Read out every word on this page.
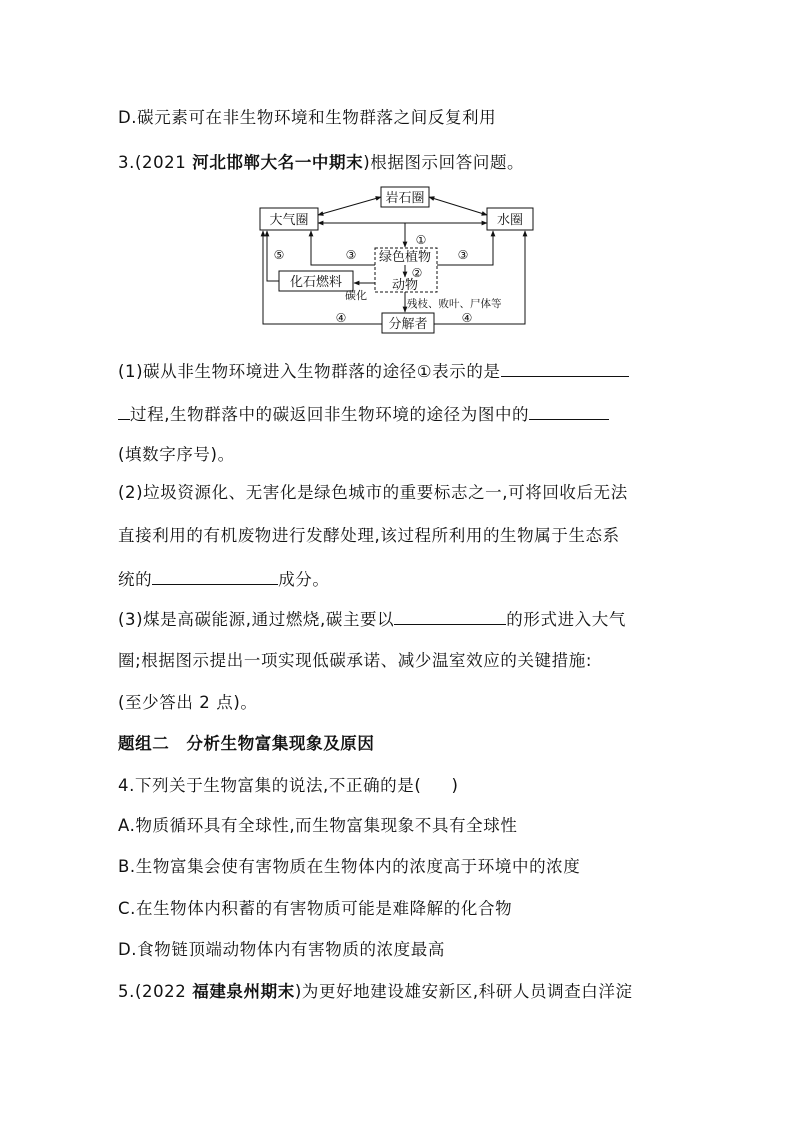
D.碳元素可在非生物环境和生物群落之间反复利用
3.(2021 河北邯郸大名一中期末)根据图示回答问题。
岩石圈
大气圈	水圈
绿色植物
动物
化石燃料
碳化
残枝、败叶、尸体等
分解者
①
②
③	③
④	④
⑤
(1)碳从非生物环境进入生物群落的途径①表示的是
过程,生物群落中的碳返回非生物环境的途径为图中的
(填数字序号)。
(2)垃圾资源化、无害化是绿色城市的重要标志之一,可将回收后无法
直接利用的有机废物进行发酵处理,该过程所利用的生物属于生态系
统的	成分。
(3)煤是高碳能源,通过燃烧,碳主要以	的形式进入大气
圈;根据图示提出一项实现低碳承诺、减少温室效应的关键措施:
(至少答出 2 点)。
题组二　分析生物富集现象及原因
4.下列关于生物富集的说法,不正确的是( )
A.物质循环具有全球性,而生物富集现象不具有全球性
B.生物富集会使有害物质在生物体内的浓度高于环境中的浓度
C.在生物体内积蓄的有害物质可能是难降解的化合物
D.食物链顶端动物体内有害物质的浓度最高
5.(2022 福建泉州期末)为更好地建设雄安新区,科研人员调查白洋淀
